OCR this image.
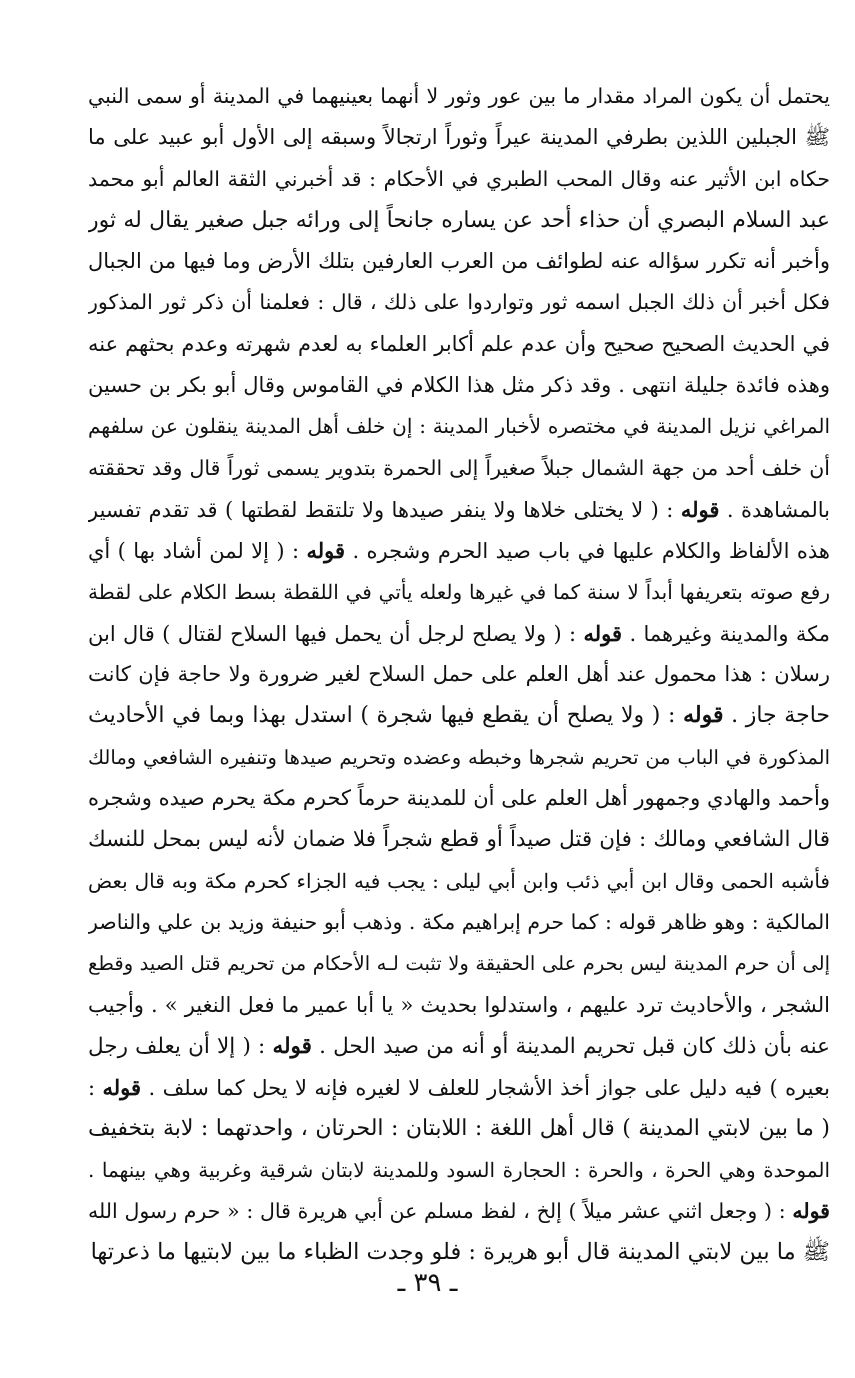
يحتمل أن يكون المراد مقدار ما بين عور وثور لا أنهما بعينيهما في المدينة أو سمى النبي
ﷺ الجبلين اللذين بطرفي المدينة عيراً وثوراً ارتجالاً وسبقه إلى الأول أبو عبيد على ما
حكاه ابن الأثير عنه وقال المحب الطبري في الأحكام : قد أخبرني الثقة العالم أبو محمد
عبد السلام البصري أن حذاء أحد عن يساره جانحاً إلى ورائه جبل صغير يقال له ثور
وأخبر أنه تكرر سؤاله عنه لطوائف من العرب العارفين بتلك الأرض وما فيها من الجبال
فكل أخبر أن ذلك الجبل اسمه ثور وتواردوا على ذلك ، قال : فعلمنا أن ذكر ثور المذكور
في الحديث الصحيح صحيح وأن عدم علم أكابر العلماء به لعدم شهرته وعدم بحثهم عنه
وهذه فائدة جليلة انتهى . وقد ذكر مثل هذا الكلام في القاموس وقال أبو بكر بن حسين
المراغي نزيل المدينة في مختصره لأخبار المدينة : إن خلف أهل المدينة ينقلون عن سلفهم
أن خلف أحد من جهة الشمال جبلاً صغيراً إلى الحمرة بتدوير يسمى ثوراً قال وقد تحققته
بالمشاهدة . قوله : ( لا يختلى خلاها ولا ينفر صيدها ولا تلتقط لقطتها ) قد تقدم تفسير
هذه الألفاظ والكلام عليها في باب صيد الحرم وشجره . قوله : ( إلا لمن أشاد بها ) أي
رفع صوته بتعريفها أبداً لا سنة كما في غيرها ولعله يأتي في اللقطة بسط الكلام على لقطة
مكة والمدينة وغيرهما . قوله : ( ولا يصلح لرجل أن يحمل فيها السلاح لقتال ) قال ابن
رسلان : هذا محمول عند أهل العلم على حمل السلاح لغير ضرورة ولا حاجة فإن كانت
حاجة جاز . قوله : ( ولا يصلح أن يقطع فيها شجرة ) استدل بهذا وبما في الأحاديث
المذكورة في الباب من تحريم شجرها وخبطه وعضده وتحريم صيدها وتنفيره الشافعي ومالك
وأحمد والهادي وجمهور أهل العلم على أن للمدينة حرماً كحرم مكة يحرم صيده وشجره
قال الشافعي ومالك : فإن قتل صيداً أو قطع شجراً فلا ضمان لأنه ليس بمحل للنسك
فأشبه الحمى وقال ابن أبي ذئب وابن أبي ليلى : يجب فيه الجزاء كحرم مكة وبه قال بعض
المالكية : وهو ظاهر قوله : كما حرم إبراهيم مكة . وذهب أبو حنيفة وزيد بن علي والناصر
إلى أن حرم المدينة ليس بحرم على الحقيقة ولا تثبت لـه الأحكام من تحريم قتل الصيد وقطع
الشجر ، والأحاديث ترد عليهم ، واستدلوا بحديث « يا أبا عمير ما فعل النغير » . وأجيب
عنه بأن ذلك كان قبل تحريم المدينة أو أنه من صيد الحل . قوله : ( إلا أن يعلف رجل
بعيره ) فيه دليل على جواز أخذ الأشجار للعلف لا لغيره فإنه لا يحل كما سلف . قوله :
( ما بين لابتي المدينة ) قال أهل اللغة : اللابتان : الحرتان ، واحدتهما : لابة بتخفيف
الموحدة وهي الحرة ، والحرة : الحجارة السود وللمدينة لابتان شرقية وغربية وهي بينهما .
قوله : ( وجعل اثني عشر ميلاً ) إلخ ، لفظ مسلم عن أبي هريرة قال : « حرم رسول الله
ﷺ ما بين لابتي المدينة قال أبو هريرة : فلو وجدت الظباء ما بين لابتيها ما ذعرتها
ـ ٣٩ ـ
